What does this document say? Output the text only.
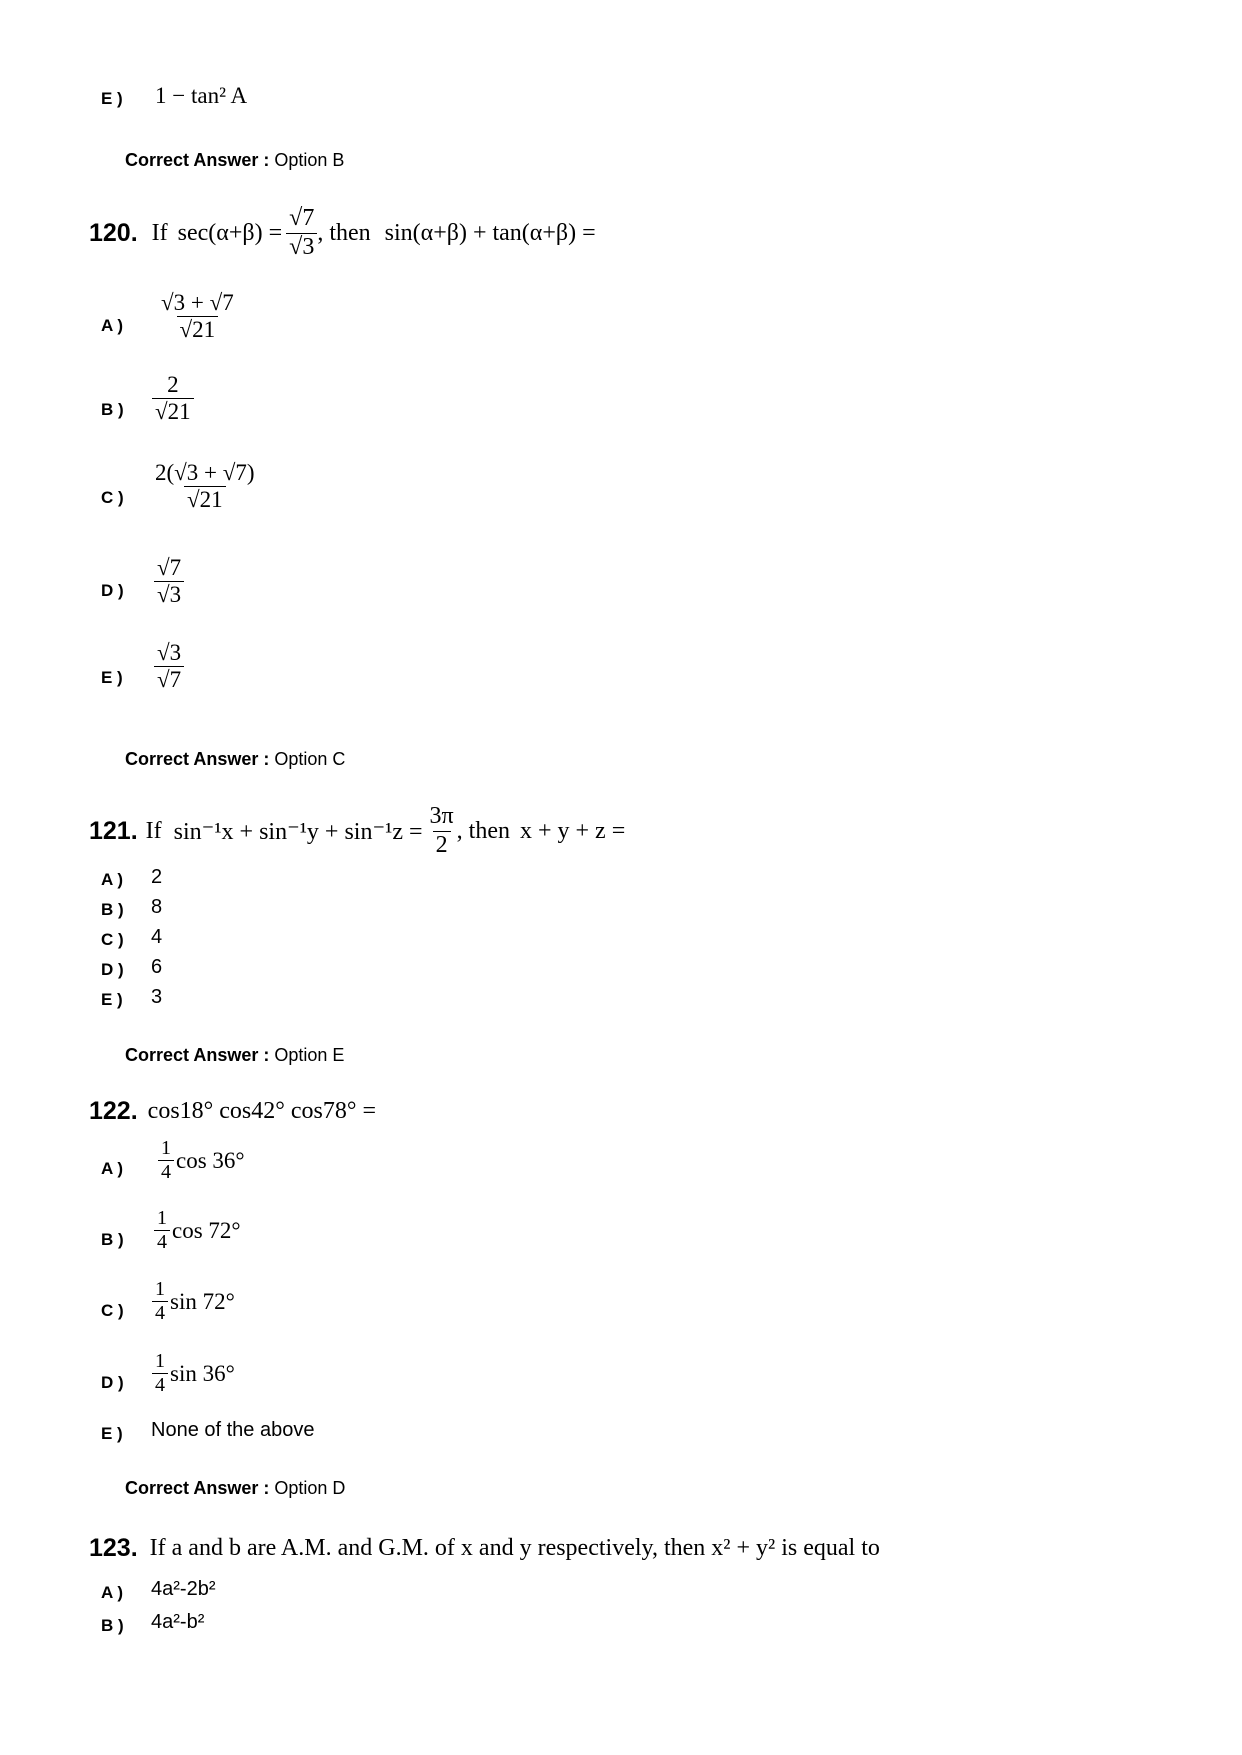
E ) 1 − tan² A
Correct Answer : Option B
120. If $\sec(\alpha+\beta) = \frac{√7}{√3}$ , then sin(α+β) + tan(α+β) =
A ) $\frac{√3 + √7}{√21}$
B ) $\frac{2}{√21}$
C ) $\frac{2(√3 + √7)}{√21}$
D ) $\frac{√7}{√3}$
E ) $\frac{√3}{√7}$
Correct Answer : Option C
121. If $\sin^{-1}x + \sin^{-1}y + \sin^{-1}z = \frac{3\pi}{2}$ , then x + y + z =
A ) 2
B ) 8
C ) 4
D ) 6
E ) 3
Correct Answer : Option E
122. cos18° cos42° cos78° =
A ) $\frac{1}{4}$ cos 36°
B ) $\frac{1}{4}$ cos 72°
C ) $\frac{1}{4}$ sin 72°
D ) $\frac{1}{4}$ sin 36°
E ) None of the above
Correct Answer : Option D
123. If a and b are A.M. and G.M. of x and y respectively, then x² + y² is equal to
A ) 4a²-2b²
B ) 4a²-b²
